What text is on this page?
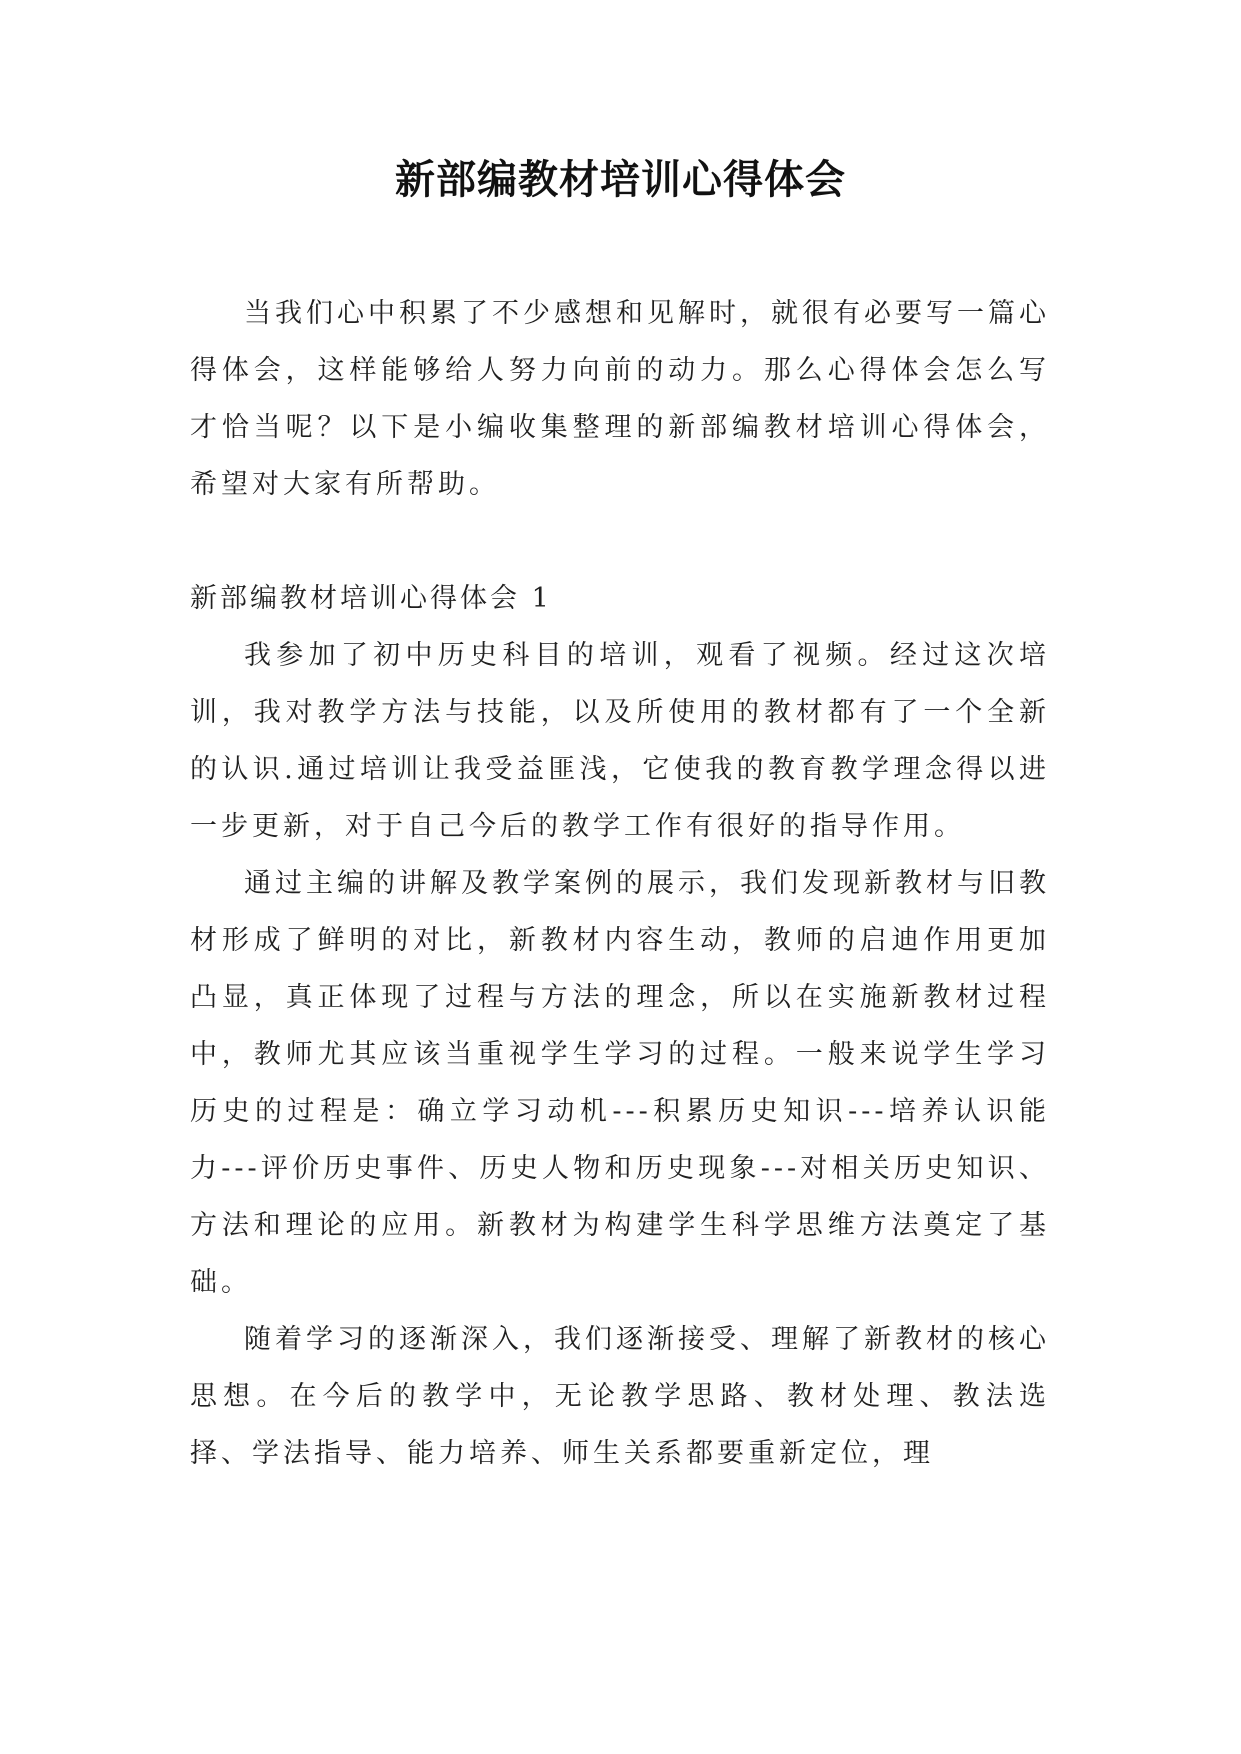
新部编教材培训心得体会

当我们心中积累了不少感想和见解时，就很有必要写一篇心得体会，这样能够给人努力向前的动力。那么心得体会怎么写才恰当呢？以下是小编收集整理的新部编教材培训心得体会，希望对大家有所帮助。

新部编教材培训心得体会 1

我参加了初中历史科目的培训，观看了视频。经过这次培训，我对教学方法与技能，以及所使用的教材都有了一个全新的认识.通过培训让我受益匪浅，它使我的教育教学理念得以进一步更新，对于自己今后的教学工作有很好的指导作用。

通过主编的讲解及教学案例的展示，我们发现新教材与旧教材形成了鲜明的对比，新教材内容生动，教师的启迪作用更加凸显，真正体现了过程与方法的理念，所以在实施新教材过程中，教师尤其应该当重视学生学习的过程。一般来说学生学习历史的过程是：确立学习动机---积累历史知识---培养认识能力---评价历史事件、历史人物和历史现象---对相关历史知识、方法和理论的应用。新教材为构建学生科学思维方法奠定了基础。

随着学习的逐渐深入，我们逐渐接受、理解了新教材的核心思想。在今后的教学中，无论教学思路、教材处理、教法选择、学法指导、能力培养、师生关系都要重新定位，理
